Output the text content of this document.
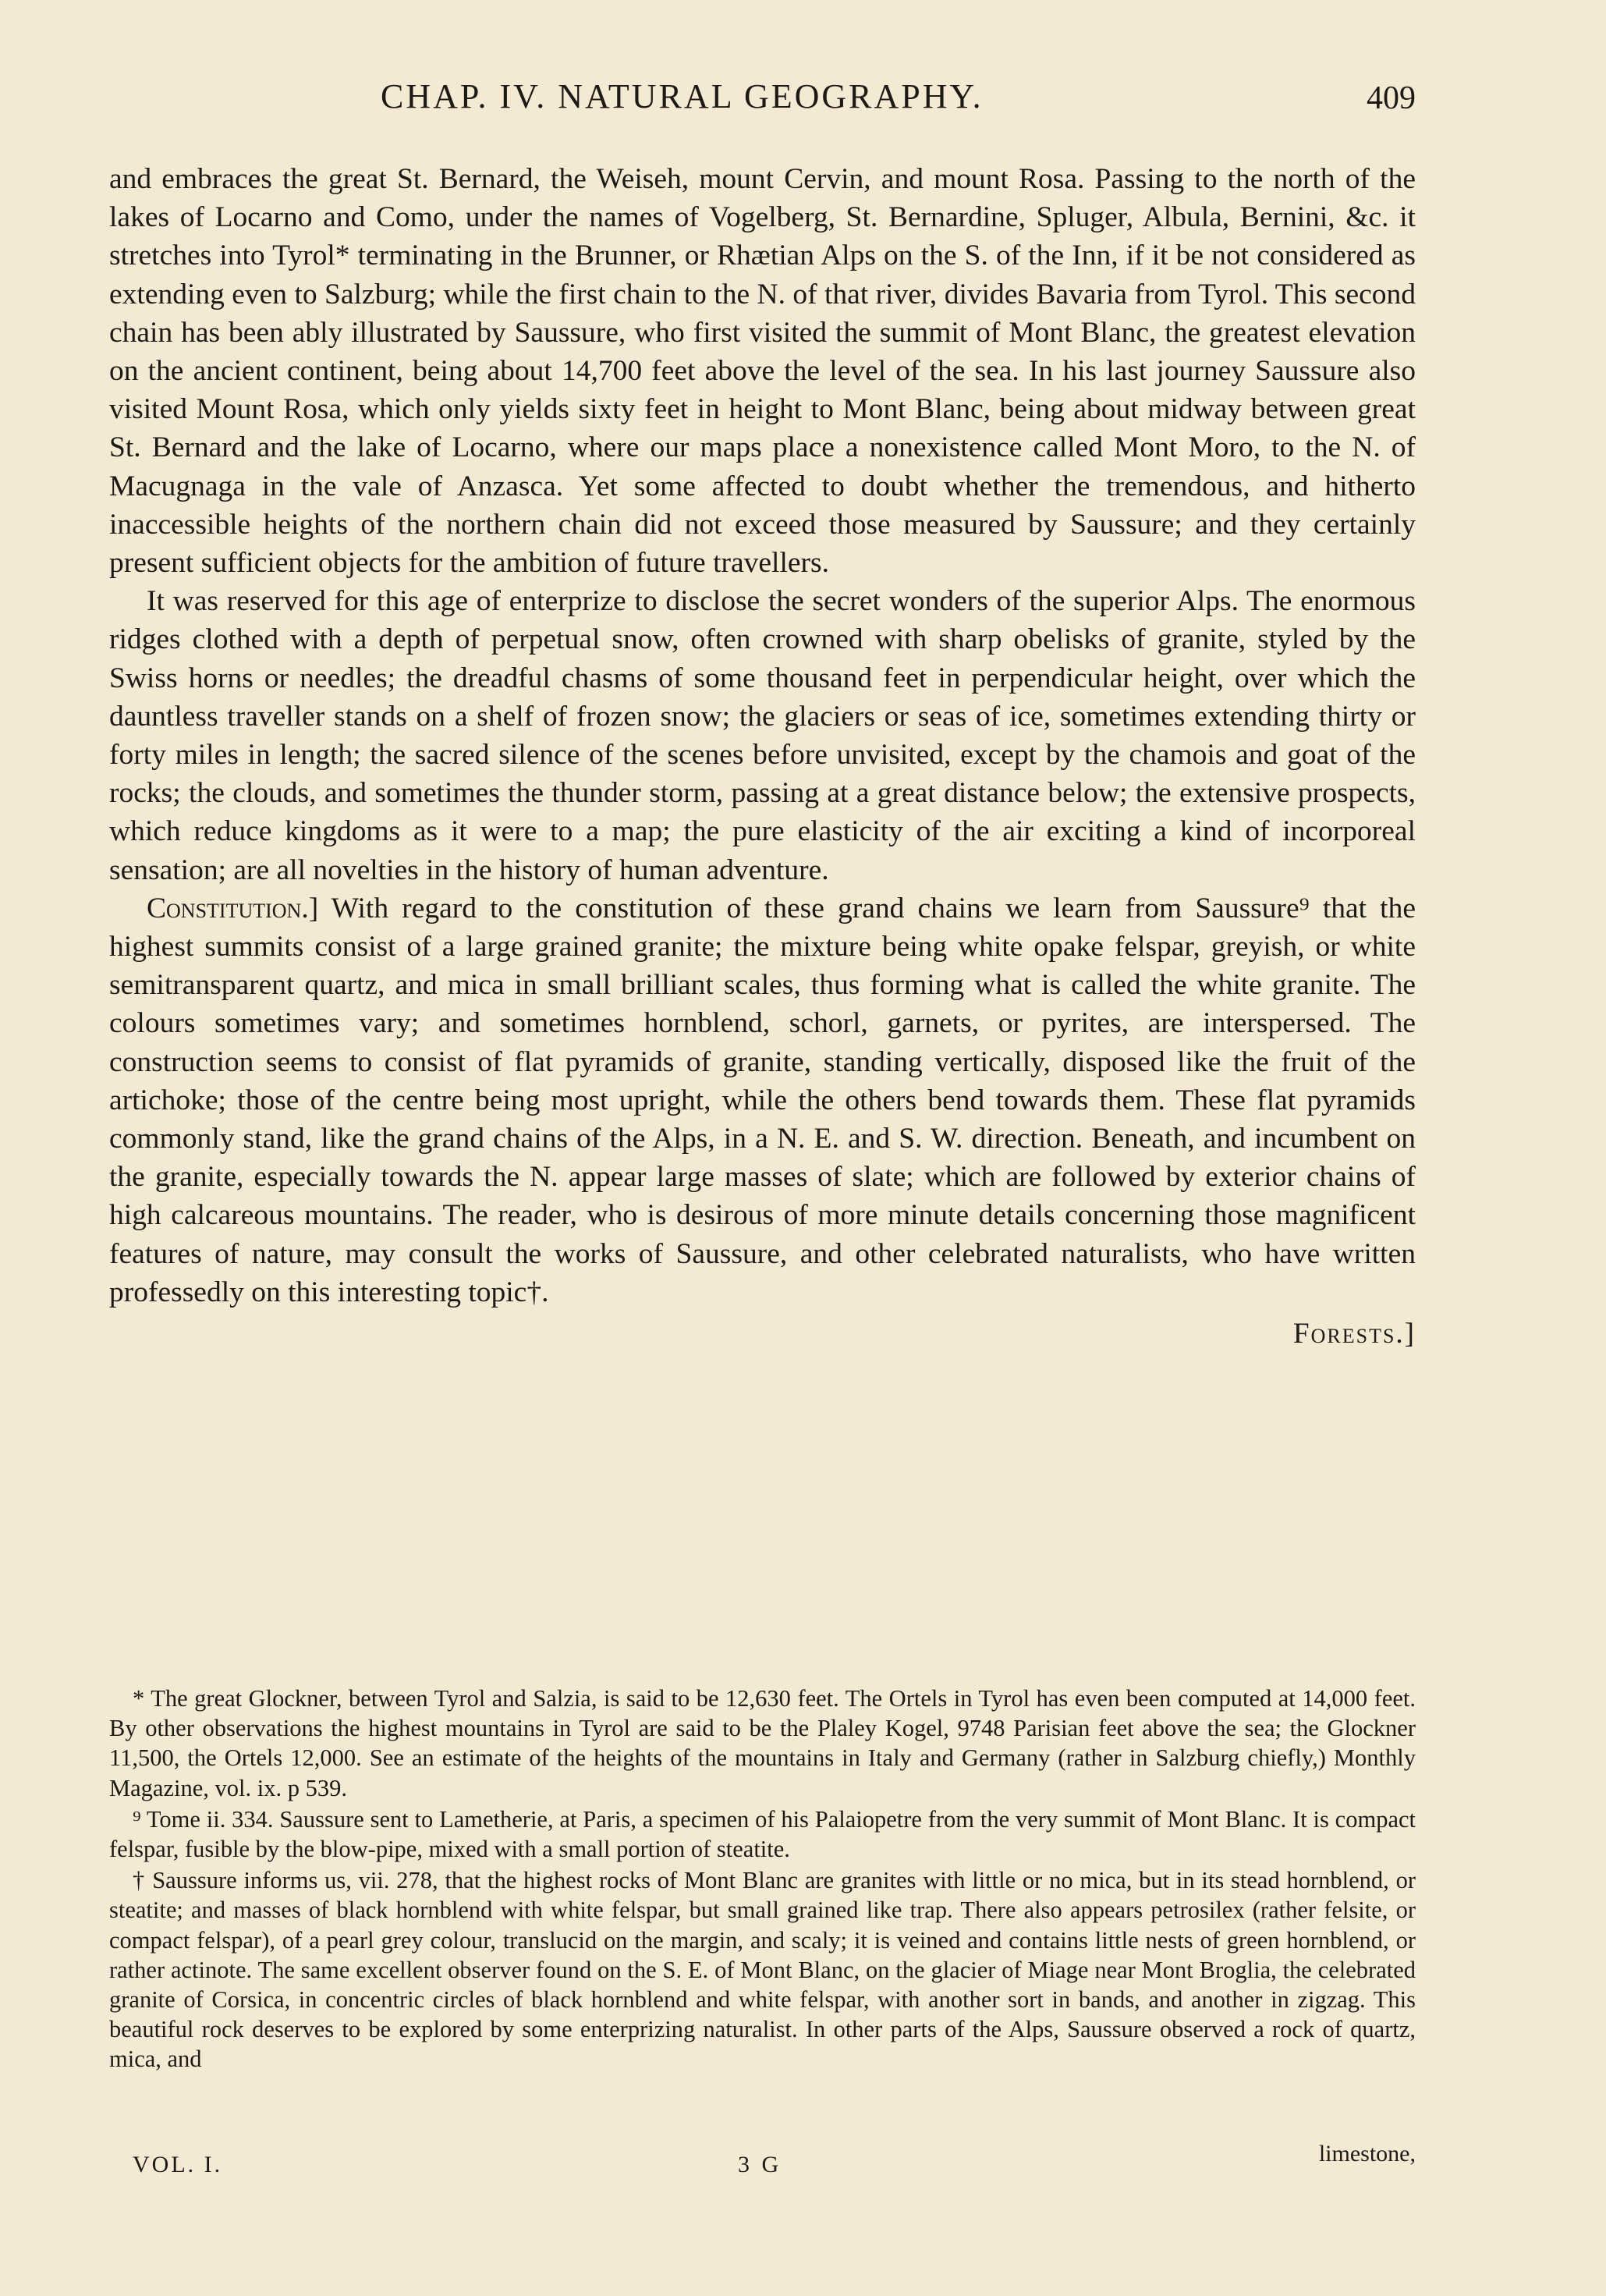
CHAP. IV. NATURAL GEOGRAPHY.	409

and embraces the great St. Bernard, the Weiseh, mount Cervin, and mount Rosa. Passing to the north of the lakes of Locarno and Como, under the names of Vogelberg, St. Bernardine, Spluger, Albula, Bernini, &c. it stretches into Tyrol* terminating in the Brunner, or Rhætian Alps on the S. of the Inn, if it be not considered as extending even to Salzburg; while the first chain to the N. of that river, divides Bavaria from Tyrol. This second chain has been ably illustrated by Saussure, who first visited the summit of Mont Blanc, the greatest elevation on the ancient continent, being about 14,700 feet above the level of the sea. In his last journey Saussure also visited Mount Rosa, which only yields sixty feet in height to Mont Blanc, being about midway between great St. Bernard and the lake of Locarno, where our maps place a nonexistence called Mont Moro, to the N. of Macugnaga in the vale of Anzasca. Yet some affected to doubt whether the tremendous, and hitherto inaccessible heights of the northern chain did not exceed those measured by Saussure; and they certainly present sufficient objects for the ambition of future travellers.

It was reserved for this age of enterprize to disclose the secret wonders of the superior Alps. The enormous ridges clothed with a depth of perpetual snow, often crowned with sharp obelisks of granite, styled by the Swiss horns or needles; the dreadful chasms of some thousand feet in perpendicular height, over which the dauntless traveller stands on a shelf of frozen snow; the glaciers or seas of ice, sometimes extending thirty or forty miles in length; the sacred silence of the scenes before unvisited, except by the chamois and goat of the rocks; the clouds, and sometimes the thunder storm, passing at a great distance below; the extensive prospects, which reduce kingdoms as it were to a map; the pure elasticity of the air exciting a kind of incorporeal sensation; are all novelties in the history of human adventure.

Constitution.] With regard to the constitution of these grand chains we learn from Saussure⁹ that the highest summits consist of a large grained granite; the mixture being white opake felspar, greyish, or white semitransparent quartz, and mica in small brilliant scales, thus forming what is called the white granite. The colours sometimes vary; and sometimes hornblend, schorl, garnets, or pyrites, are interspersed. The construction seems to consist of flat pyramids of granite, standing vertically, disposed like the fruit of the artichoke; those of the centre being most upright, while the others bend towards them. These flat pyramids commonly stand, like the grand chains of the Alps, in a N. E. and S. W. direction. Beneath, and incumbent on the granite, especially towards the N. appear large masses of slate; which are followed by exterior chains of high calcareous mountains. The reader, who is desirous of more minute details concerning those magnificent features of nature, may consult the works of Saussure, and other celebrated naturalists, who have written professedly on this interesting topic†.

Forests.]

* The great Glockner, between Tyrol and Salzia, is said to be 12,630 feet. The Ortels in Tyrol has even been computed at 14,000 feet. By other observations the highest mountains in Tyrol are said to be the Plaley Kogel, 9748 Parisian feet above the sea; the Glockner 11,500, the Ortels 12,000. See an estimate of the heights of the mountains in Italy and Germany (rather in Salzburg chiefly,) Monthly Magazine, vol. ix. p 539.

⁹ Tome ii. 334. Saussure sent to Lametherie, at Paris, a specimen of his Palaiopetre from the very summit of Mont Blanc. It is compact felspar, fusible by the blow-pipe, mixed with a small portion of steatite.

† Saussure informs us, vii. 278, that the highest rocks of Mont Blanc are granites with little or no mica, but in its stead hornblend, or steatite; and masses of black hornblend with white felspar, but small grained like trap. There also appears petrosilex (rather felsite, or compact felspar), of a pearl grey colour, translucid on the margin, and scaly; it is veined and contains little nests of green hornblend, or rather actinote. The same excellent observer found on the S. E. of Mont Blanc, on the glacier of Miage near Mont Broglia, the celebrated granite of Corsica, in concentric circles of black hornblend and white felspar, with another sort in bands, and another in zigzag. This beautiful rock deserves to be explored by some enterprizing naturalist. In other parts of the Alps, Saussure observed a rock of quartz, mica, and

VOL. I.	3 G	limestone,
